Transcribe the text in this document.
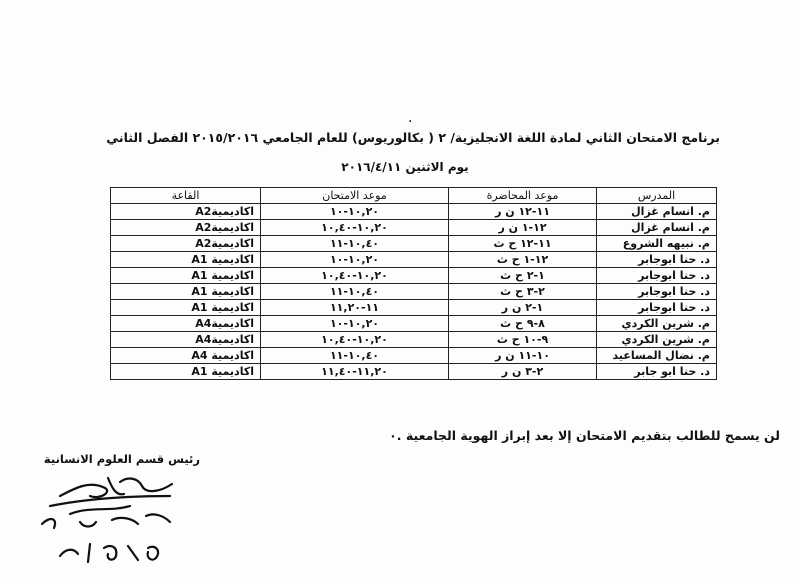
.
برنامج الامتحان الثاني لمادة اللغة الانجليزية/ ٢ ( بكالوريوس) للعام الجامعي ٢٠١٥/٢٠١٦ الفصل الثاني
يوم الاثنين ٢٠١٦/٤/١١
المدرس	موعد المحاضرة	موعد الامتحان	القاعة
م. انسام غزال	١١-١٢ ن ر	١٠,٢٠-١٠	اكاديميةA2
م. انسام غزال	١٢-١ ن ر	١٠,٢٠-١٠,٤٠	اكاديميةA2
م. نبيهه الشروع	١١-١٢ ح ث	١٠,٤٠-١١	اكاديميةA2
د. حنا ابوجابر	١٢-١ ح ث	١٠,٢٠-١٠	اكاديمية A1
د. حنا ابوجابر	١-٢ ح ث	١٠,٢٠-١٠,٤٠	اكاديمية A1
د. حنا ابوجابر	٢-٣ ح ث	١٠,٤٠-١١	اكاديمية A1
د. حنا ابوجابر	١-٢ ن ر	١١-١١,٢٠	اكاديمية A1
م. شرين الكردي	٨-٩ ح ث	١٠,٢٠-١٠	اكاديميةA4
م. شرين الكردي	٩-١٠ ح ث	١٠,٢٠-١٠,٤٠	اكاديميةA4
م. نضال المساعيد	١٠-١١ ن ر	١٠,٤٠-١١	اكاديمية A4
د. حنا ابو جابر	٢-٣ ن ر	١١,٢٠-١١,٤٠	اكاديمية A1
لن يسمح للطالب بتقديم الامتحان إلا بعد إبراز الهوية الجامعية .٠
رئيس قسم العلوم الانسانية
